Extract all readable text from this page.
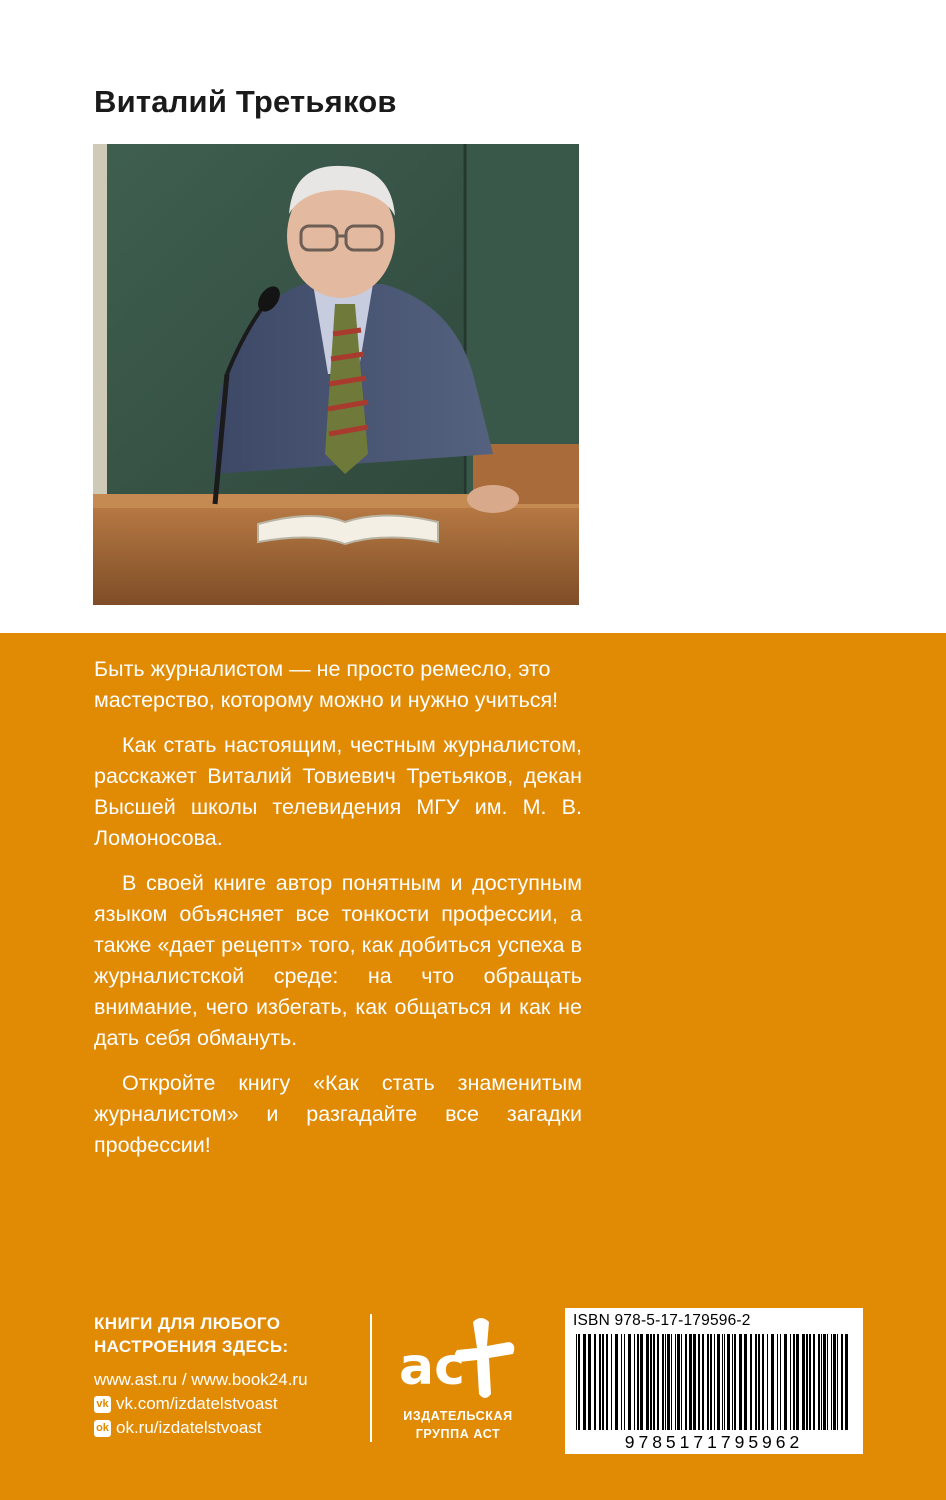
Виталий Третьяков

Быть журналистом — не просто ремесло, это мастерство, которому можно и нужно учиться!

Как стать настоящим, честным журналистом, расскажет Виталий Товиевич Третьяков, декан Высшей школы телевидения МГУ им. М. В. Ломоносова.

В своей книге автор понятным и доступным языком объясняет все тонкости профессии, а также «дает рецепт» того, как добиться успеха в журналистской среде: на что обращать внимание, чего избегать, как общаться и как не дать себя обмануть.

Откройте книгу «Как стать знаменитым журналистом» и разгадайте все загадки профессии!

КНИГИ ДЛЯ ЛЮБОГО
НАСТРОЕНИЯ ЗДЕСЬ:
www.ast.ru / www.book24.ru
vk vk.com/izdatelstvoast
ok ok.ru/izdatelstvoast
ас
ИЗДАТЕЛЬСКАЯ
ГРУППА АСТ
ISBN 978-5-17-179596-2
9785171795962
